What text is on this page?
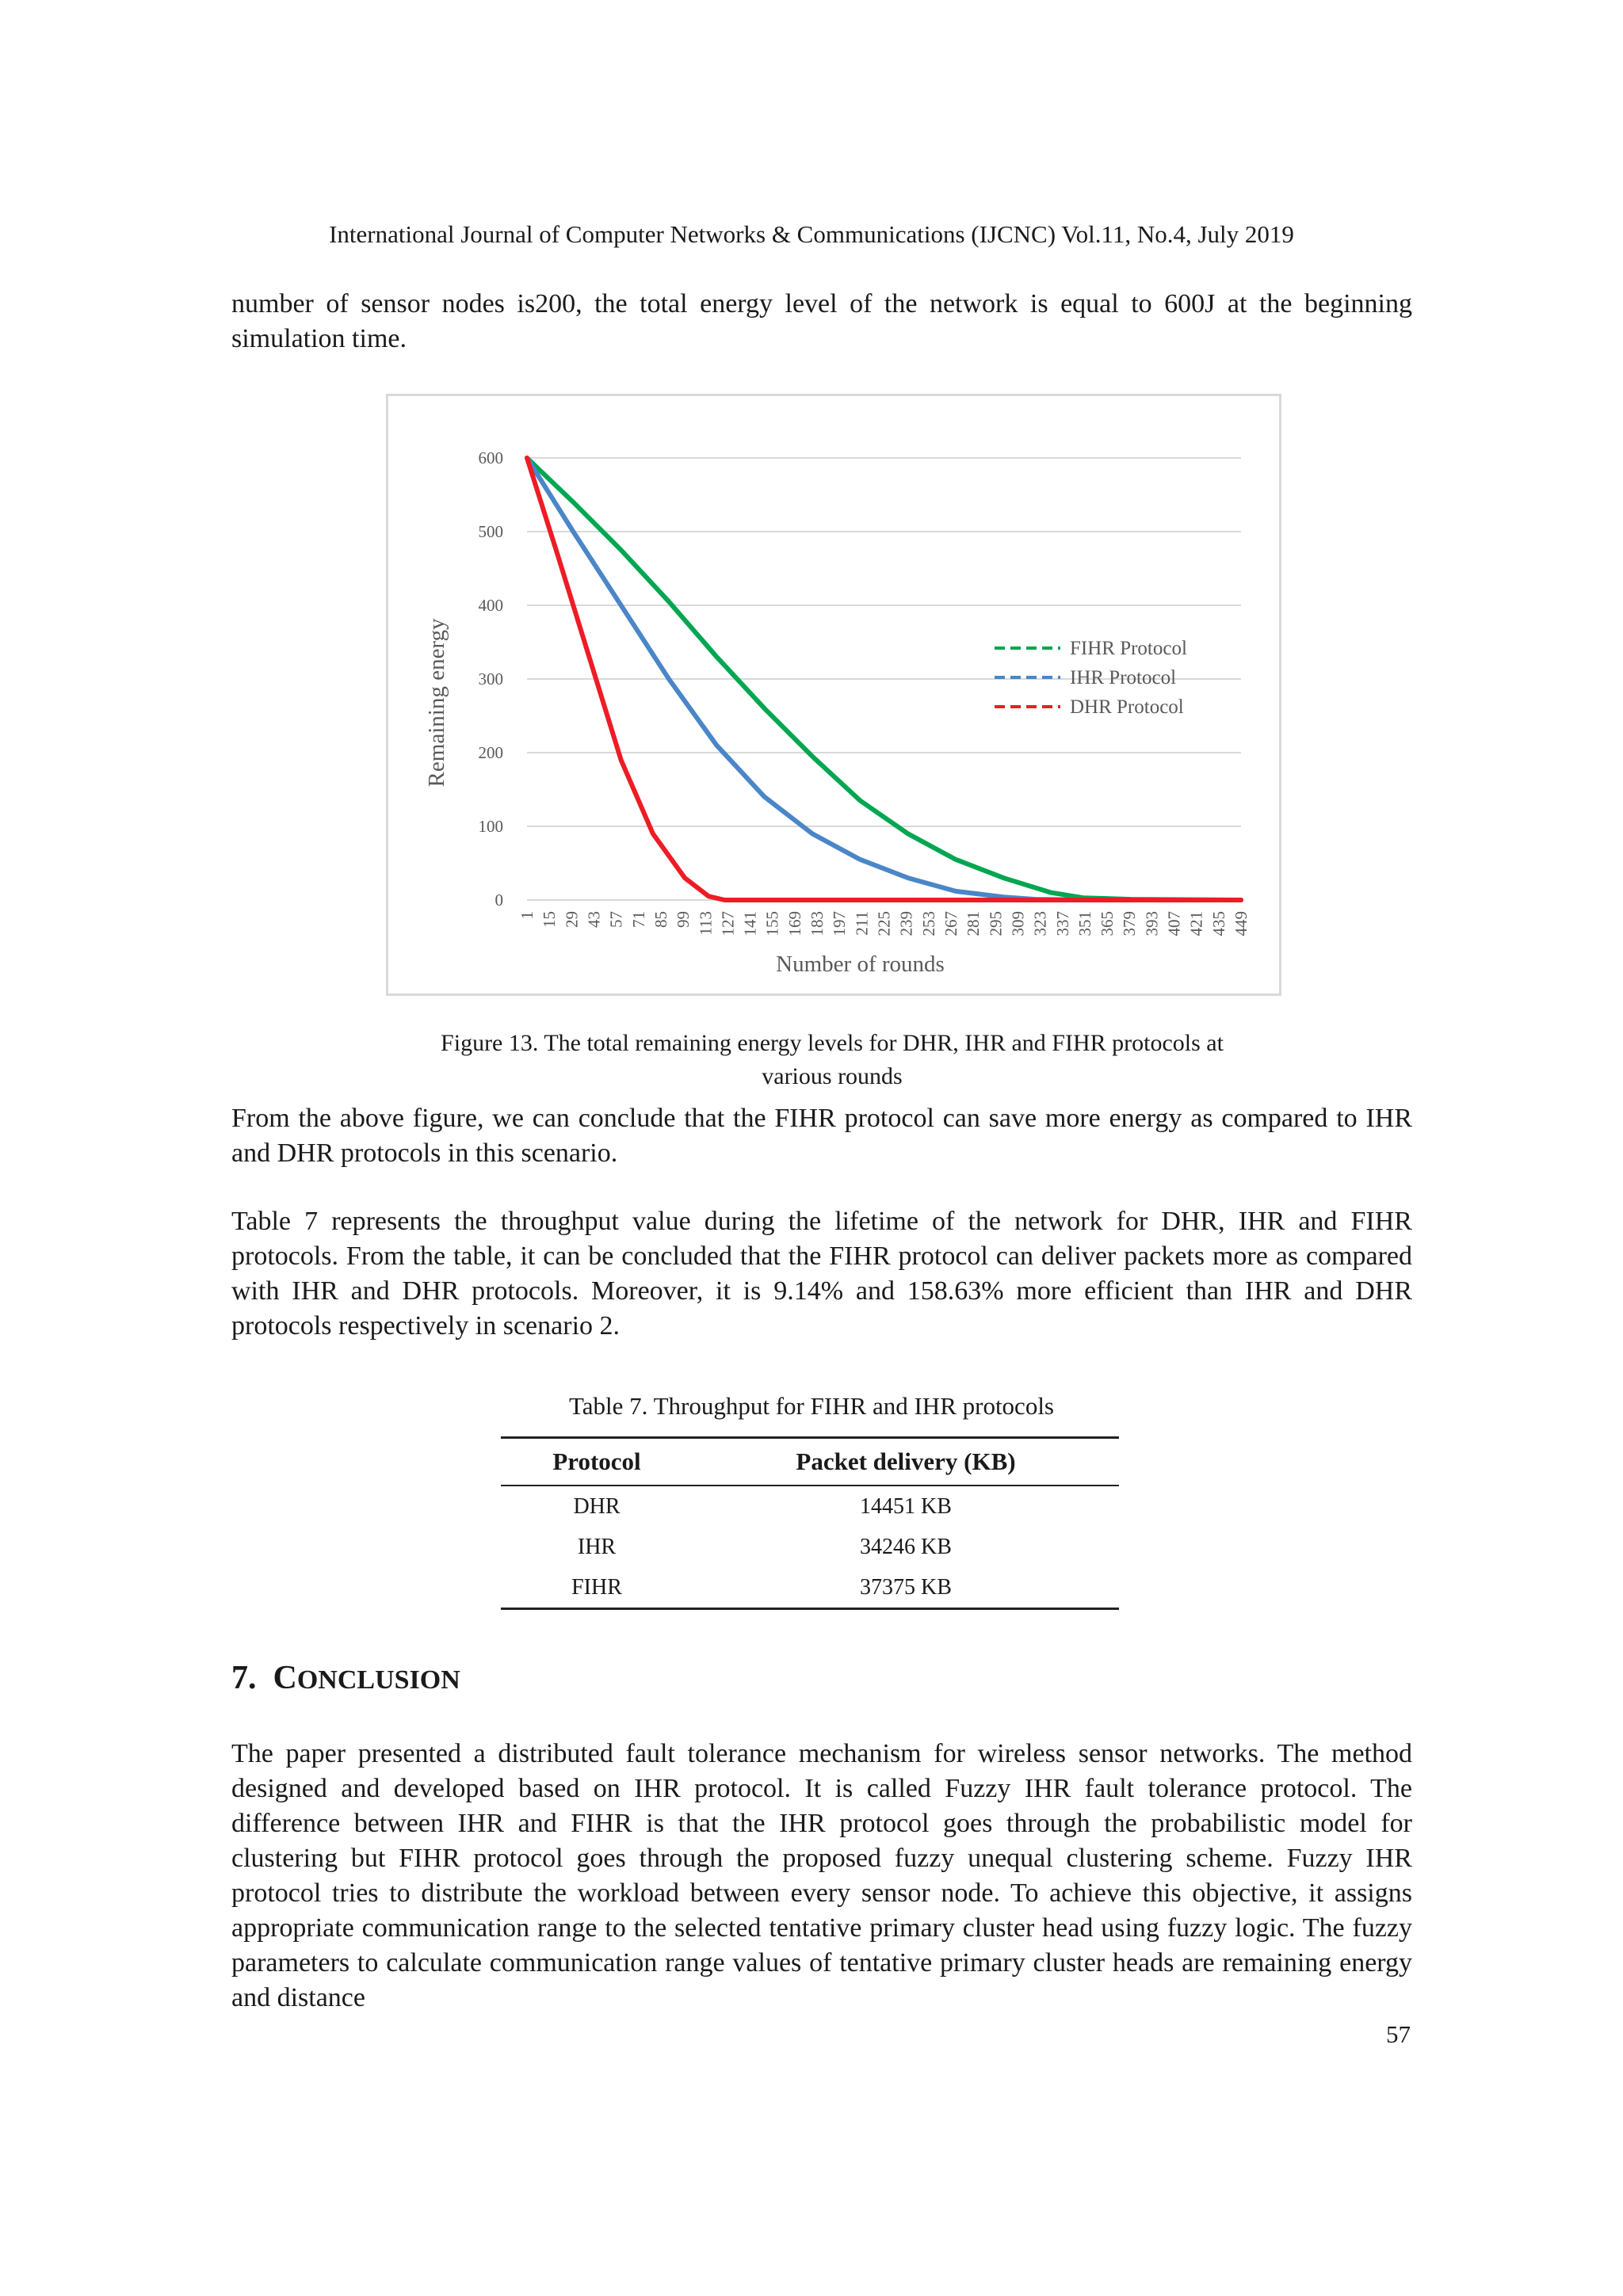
International Journal of Computer Networks & Communications (IJCNC) Vol.11, No.4, July 2019
number of sensor nodes is200, the total energy level of the network is equal to 600J at the beginning simulation time.
0
100
200
300
400
500
600
1 15 29 43 57 71 85 99 113 127 141 155 169 183 197 211 225 239 253 267 281 295 309 323 337 351 365 379 393 407 421 435 449
Remaining energy
Number of rounds
FIHR Protocol
IHR Protocol
DHR Protocol
Figure 13. The total remaining energy levels for DHR, IHR and FIHR protocols at
various rounds
From the above figure, we can conclude that the FIHR protocol can save more energy as compared to IHR and DHR protocols in this scenario.
Table 7 represents the throughput value during the lifetime of the network for DHR, IHR and FIHR protocols. From the table, it can be concluded that the FIHR protocol can deliver packets more as compared with IHR and DHR protocols. Moreover, it is 9.14% and 158.63% more efficient than IHR and DHR protocols respectively in scenario 2.
Table 7. Throughput for FIHR and IHR protocols
Protocol	Packet delivery (KB)
DHR	14451 KB
IHR	34246 KB
FIHR	37375 KB
7. CONCLUSION
The paper presented a distributed fault tolerance mechanism for wireless sensor networks. The method designed and developed based on IHR protocol. It is called Fuzzy IHR fault tolerance protocol. The difference between IHR and FIHR is that the IHR protocol goes through the probabilistic model for clustering but FIHR protocol goes through the proposed fuzzy unequal clustering scheme. Fuzzy IHR protocol tries to distribute the workload between every sensor node. To achieve this objective, it assigns appropriate communication range to the selected tentative primary cluster head using fuzzy logic. The fuzzy parameters to calculate communication range values of tentative primary cluster heads are remaining energy and distance
57
